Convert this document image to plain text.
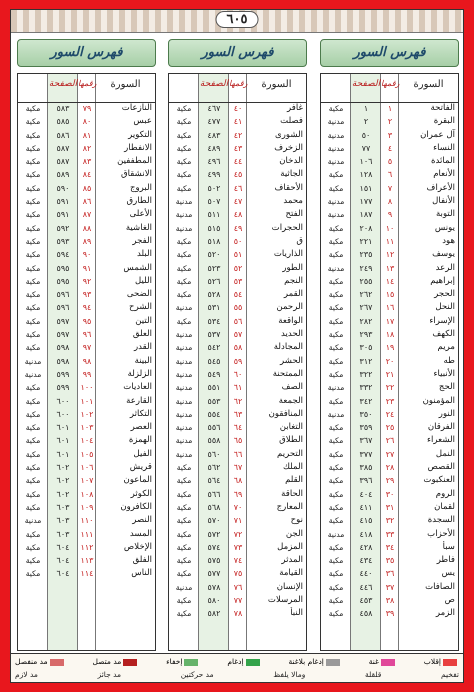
٦٠٥
فهرس السور
الصفحة رقمها	السورة
مكية	١	١	الفاتحة
مدنية	٢	٢	البقرة
مدنية	٥٠	٣	آل عمران
مدنية	٧٧	٤	النساء
مدنية	١٠٦	٥	المائدة
مكية	١٢٨	٦	الأنعام
مكية	١٥١	٧	الأعراف
مدنية	١٧٧	٨	الأنفال
مدنية	١٨٧	٩	التوبة
مكية	٢٠٨	١٠	يونس
مكية	٢٢١	١١	هود
مكية	٢٣٥	١٢	يوسف
مدنية	٢٤٩	١٣	الرعد
مكية	٢٥٥	١٤	إبراهيم
مكية	٢٦٢	١٥	الحجر
مكية	٢٦٧	١٦	النحل
مكية	٢٨٢	١٧	الإسراء
مكية	٢٩٣	١٨	الكهف
مكية	٣٠٥	١٩	مريم
مكية	٣١٢	٢٠	طه
مكية	٣٢٢	٢١	الأنبياء
مدنية	٣٣٢	٢٢	الحج
مكية	٣٤٢	٢٣	المؤمنون
مدنية	٣٥٠	٢٤	النور
مكية	٣٥٩	٢٥	الفرقان
مكية	٣٦٧	٢٦	الشعراء
مكية	٣٧٧	٢٧	النمل
مكية	٣٨٥	٢٨	القصص
مكية	٣٩٦	٢٩	العنكبوت
مكية	٤٠٤	٣٠	الروم
مكية	٤١١	٣١	لقمان
مكية	٤١٥	٣٢	السجدة
مدنية	٤١٨	٣٣	الأحزاب
مكية	٤٢٨	٣٤	سبأ
مكية	٤٣٤	٣٥	فاطر
مكية	٤٤٠	٣٦	يس
مكية	٤٤٦	٣٧	الصافات
مكية	٤٥٣	٣٨	ص
مكية	٤٥٨	٣٩	الزمر
فهرس السور
الصفحة رقمها	السورة
مكية	٤٦٧	٤٠	غافر
مكية	٤٧٧	٤١	فصلت
مكية	٤٨٣	٤٢	الشورى
مكية	٤٨٩	٤٣	الزخرف
مكية	٤٩٦	٤٤	الدخان
مكية	٤٩٩	٤٥	الجاثية
مكية	٥٠٢	٤٦	الأحقاف
مدنية	٥٠٧	٤٧	محمد
مدنية	٥١١	٤٨	الفتح
مدنية	٥١٥	٤٩	الحجرات
مكية	٥١٨	٥٠	ق
مكية	٥٢٠	٥١	الذاريات
مكية	٥٢٣	٥٢	الطور
مكية	٥٢٦	٥٣	النجم
مكية	٥٢٨	٥٤	القمر
مدنية	٥٣١	٥٥	الرحمن
مكية	٥٣٤	٥٦	الواقعة
مدنية	٥٣٧	٥٧	الحديد
مدنية	٥٤٢	٥٨	المجادلة
مدنية	٥٤٥	٥٩	الحشر
مدنية	٥٤٩	٦٠	الممتحنة
مدنية	٥٥١	٦١	الصف
مدنية	٥٥٣	٦٢	الجمعة
مدنية	٥٥٤	٦٣	المنافقون
مدنية	٥٥٦	٦٤	التغابن
مدنية	٥٥٨	٦٥	الطلاق
مدنية	٥٦٠	٦٦	التحريم
مكية	٥٦٢	٦٧	الملك
مكية	٥٦٤	٦٨	القلم
مكية	٥٦٦	٦٩	الحاقة
مكية	٥٦٨	٧٠	المعارج
مكية	٥٧٠	٧١	نوح
مكية	٥٧٢	٧٢	الجن
مكية	٥٧٤	٧٣	المزمل
مكية	٥٧٥	٧٤	المدثر
مكية	٥٧٧	٧٥	القيامة
مدنية	٥٧٨	٧٦	الإنسان
مكية	٥٨٠	٧٧	المرسلات
مكية	٥٨٢	٧٨	النبأ
فهرس السور
الصفحة رقمها	السورة
مكية	٥٨٣	٧٩	النازعات
مكية	٥٨٥	٨٠	عبس
مكية	٥٨٦	٨١	التكوير
مكية	٥٨٧	٨٢	الانفطار
مكية	٥٨٧	٨٣	المطففين
مكية	٥٨٩	٨٤	الانشقاق
مكية	٥٩٠	٨٥	البروج
مكية	٥٩١	٨٦	الطارق
مكية	٥٩١	٨٧	الأعلى
مكية	٥٩٢	٨٨	الغاشية
مكية	٥٩٣	٨٩	الفجر
مكية	٥٩٤	٩٠	البلد
مكية	٥٩٥	٩١	الشمس
مكية	٥٩٥	٩٢	الليل
مكية	٥٩٦	٩٣	الضحى
مكية	٥٩٦	٩٤	الشرح
مكية	٥٩٧	٩٥	التين
مكية	٥٩٧	٩٦	العلق
مكية	٥٩٨	٩٧	القدر
مدنية	٥٩٨	٩٨	البينة
مدنية	٥٩٩	٩٩	الزلزلة
مكية	٥٩٩	١٠٠	العاديات
مكية	٦٠٠	١٠١	القارعة
مكية	٦٠٠	١٠٢	التكاثر
مكية	٦٠١	١٠٣	العصر
مكية	٦٠١	١٠٤	الهمزة
مكية	٦٠١	١٠٥	الفيل
مكية	٦٠٢	١٠٦	قريش
مكية	٦٠٢	١٠٧	الماعون
مكية	٦٠٢	١٠٨	الكوثر
مكية	٦٠٣	١٠٩	الكافرون
مدنية	٦٠٣	١١٠	النصر
مكية	٦٠٣	١١١	المسد
مكية	٦٠٤	١١٢	الإخلاص
مكية	٦٠٤	١١٣	الفلق
مكية	٦٠٤	١١٤	الناس
إقلاب
غنة
إدغام بلاغنة
إدغام
إخفاء
مد متصل
مد منفصل
تفخيم
قلقلة
ومالا يلفظ
مد حركتين
مد جائز
مد لازم
